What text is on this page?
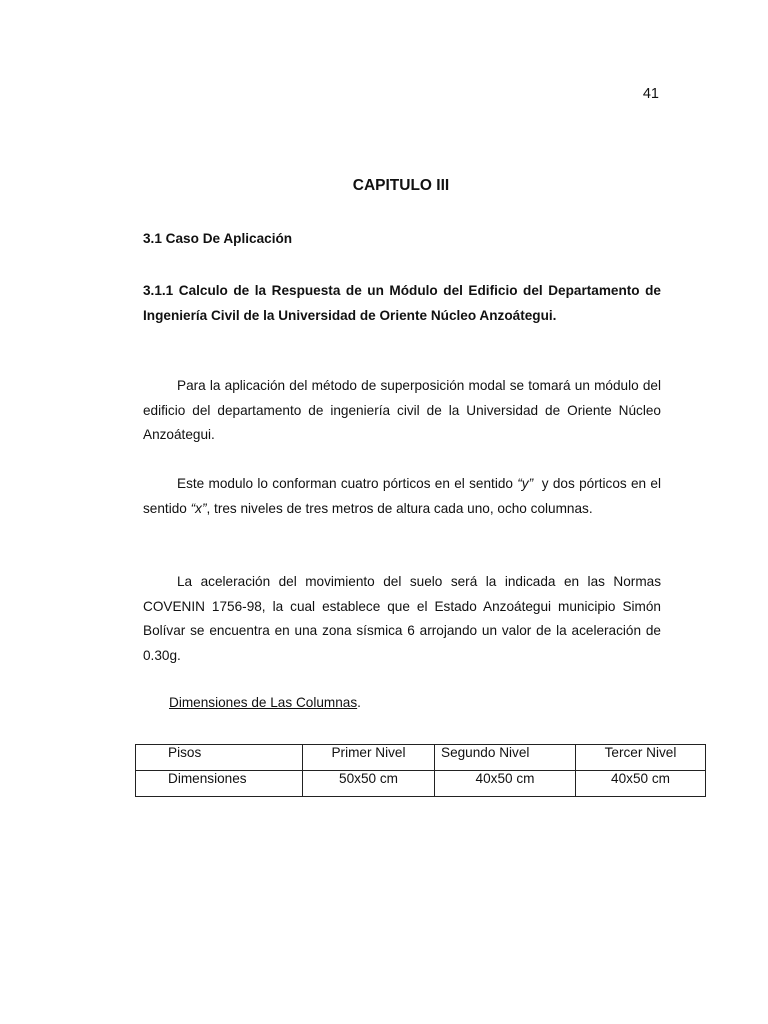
41
CAPITULO III
3.1 Caso De Aplicación
3.1.1 Calculo de la Respuesta de un Módulo del Edificio del Departamento de Ingeniería Civil de la Universidad de Oriente Núcleo Anzoátegui.

Para la aplicación del método de superposición modal se tomará un módulo del edificio del departamento de ingeniería civil de la Universidad de Oriente Núcleo Anzoátegui.

Este modulo lo conforman cuatro pórticos en el sentido “y”  y dos pórticos en el sentido “x”, tres niveles de tres metros de altura cada uno, ocho columnas.

La aceleración del movimiento del suelo será la indicada en las Normas COVENIN 1756-98, la cual establece que el Estado Anzoátegui municipio Simón Bolívar se encuentra en una zona sísmica 6 arrojando un valor de la aceleración de 0.30g.

Dimensiones de Las Columnas.
Pisos	Primer Nivel	Segundo Nivel	Tercer Nivel
Dimensiones	50x50 cm	40x50 cm	40x50 cm
